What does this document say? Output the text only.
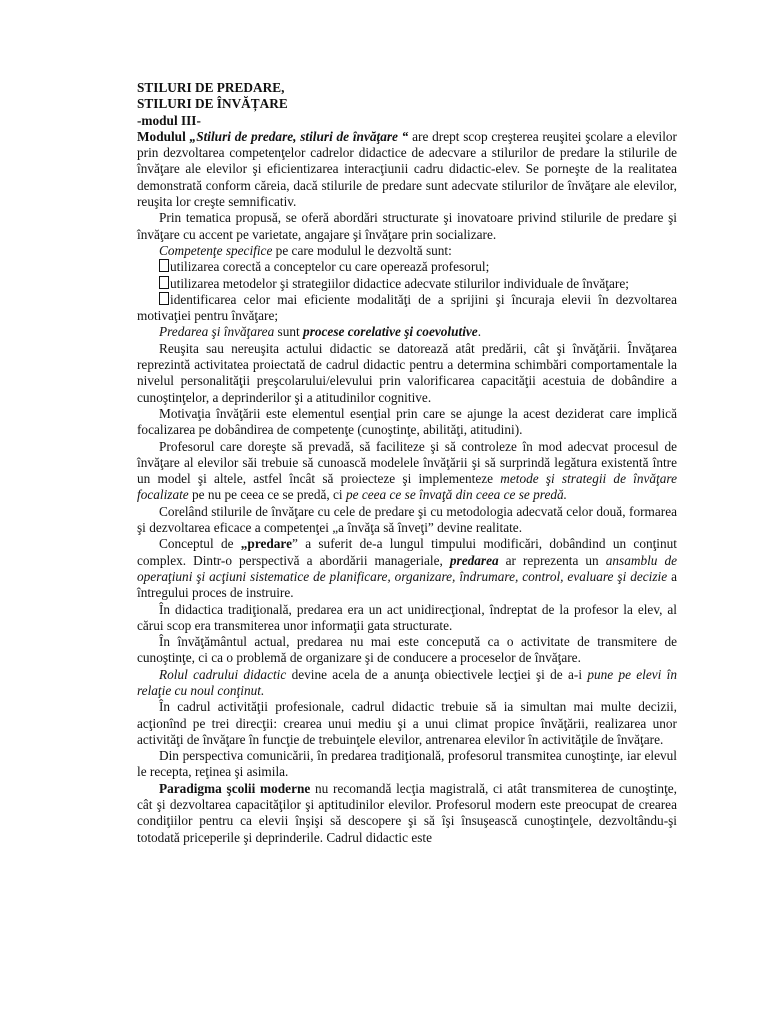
STILURI DE PREDARE,
STILURI DE ÎNVĂȚARE
-modul III-

Modulul „Stiluri de predare, stiluri de învăţare “ are drept scop creşterea reuşitei şcolare a elevilor prin dezvoltarea competenţelor cadrelor didactice de adecvare a stilurilor de predare la stilurile de învăţare ale elevilor şi eficientizarea interacţiunii cadru didactic-elev. Se porneşte de la realitatea demonstrată conform căreia, dacă stilurile de predare sunt adecvate stilurilor de învăţare ale elevilor, reuşita lor creşte semnificativ.

Prin tematica propusă, se oferă abordări structurate şi inovatoare privind stilurile de predare şi învăţare cu accent pe varietate, angajare şi învăţare prin socializare.

Competenţe specifice pe care modulul le dezvoltă sunt:

utilizarea corectă a conceptelor cu care operează profesorul;

utilizarea metodelor şi strategiilor didactice adecvate stilurilor individuale de învăţare;

identificarea celor mai eficiente modalităţi de a sprijini şi încuraja elevii în dezvoltarea motivaţiei pentru învăţare;

Predarea şi învăţarea sunt procese corelative şi coevolutive.

Reuşita sau nereuşita actului didactic se datorează atât predării, cât şi învăţării. Învăţarea reprezintă activitatea proiectată de cadrul didactic pentru a determina schimbări comportamentale la nivelul personalităţii preşcolarului/elevului prin valorificarea capacităţii acestuia de dobândire a cunoştinţelor, a deprinderilor şi a atitudinilor cognitive.

Motivaţia învăţării este elementul esenţial prin care se ajunge la acest deziderat care implică focalizarea pe dobândirea de competenţe (cunoştinţe, abilităţi, atitudini).

Profesorul care doreşte să prevadă, să faciliteze şi să controleze în mod adecvat procesul de învăţare al elevilor săi trebuie să cunoască modelele învăţării şi să surprindă legătura existentă între un model şi altele, astfel încât să proiecteze şi implementeze metode şi strategii de învăţare focalizate pe nu pe ceea ce se predă, ci pe ceea ce se învaţă din ceea ce se predă.

Corelând stilurile de învăţare cu cele de predare şi cu metodologia adecvată celor două, formarea şi dezvoltarea eficace a competenţei „a învăţa să înveţi” devine realitate.

Conceptul de „predare” a suferit de-a lungul timpului modificări, dobândind un conţinut complex. Dintr-o perspectivă a abordării manageriale, predarea ar reprezenta un ansamblu de operaţiuni şi acţiuni sistematice de planificare, organizare, îndrumare, control, evaluare şi decizie a întregului proces de instruire.

În didactica tradiţională, predarea era un act unidirecţional, îndreptat de la profesor la elev, al cărui scop era transmiterea unor informaţii gata structurate.

În învăţământul actual, predarea nu mai este concepută ca o activitate de transmitere de cunoştinţe, ci ca o problemă de organizare şi de conducere a proceselor de învăţare.

Rolul cadrului didactic devine acela de a anunţa obiectivele lecţiei şi de a-i pune pe elevi în relaţie cu noul conţinut.

În cadrul activităţii profesionale, cadrul didactic trebuie să ia simultan mai multe decizii, acţionînd pe trei direcţii: crearea unui mediu şi a unui climat propice învăţării, realizarea unor activităţi de învăţare în funcţie de trebuinţele elevilor, antrenarea elevilor în activităţile de învăţare.

Din perspectiva comunicării, în predarea tradiţională, profesorul transmitea cunoştinţe, iar elevul le recepta, reţinea şi asimila.

Paradigma şcolii moderne nu recomandă lecţia magistrală, ci atât transmiterea de cunoştinţe, cât şi dezvoltarea capacităţilor şi aptitudinilor elevilor. Profesorul modern este preocupat de crearea condiţiilor pentru ca elevii înşişi să descopere şi să îşi însuşească cunoştinţele, dezvoltându-şi totodată priceperile şi deprinderile. Cadrul didactic este
